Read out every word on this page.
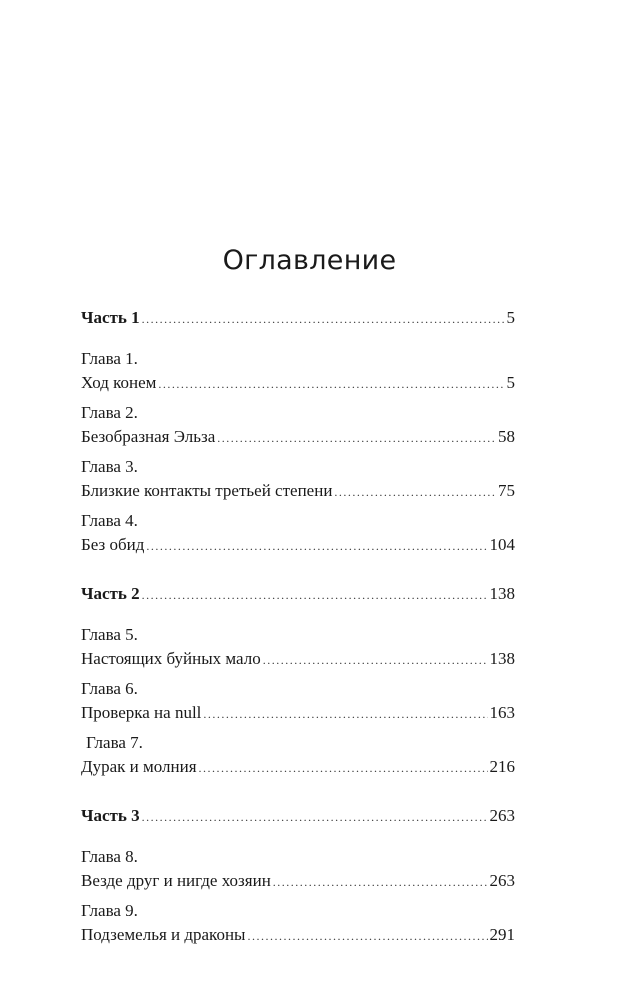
Оглавление
Часть 1 .....	5
Глава 1.
Ход конем .....	5
Глава 2.
Безобразная Эльза .....	58
Глава 3.
Близкие контакты третьей степени .....	75
Глава 4.
Без обид .....	104
Часть 2 .....	138
Глава 5.
Настоящих буйных мало .....	138
Глава 6.
Проверка на null .....	163
Глава 7.
Дурак и молния .....	216
Часть 3 .....	263
Глава 8.
Везде друг и нигде хозяин .....	263
Глава 9.
Подземелья и драконы .....	291
